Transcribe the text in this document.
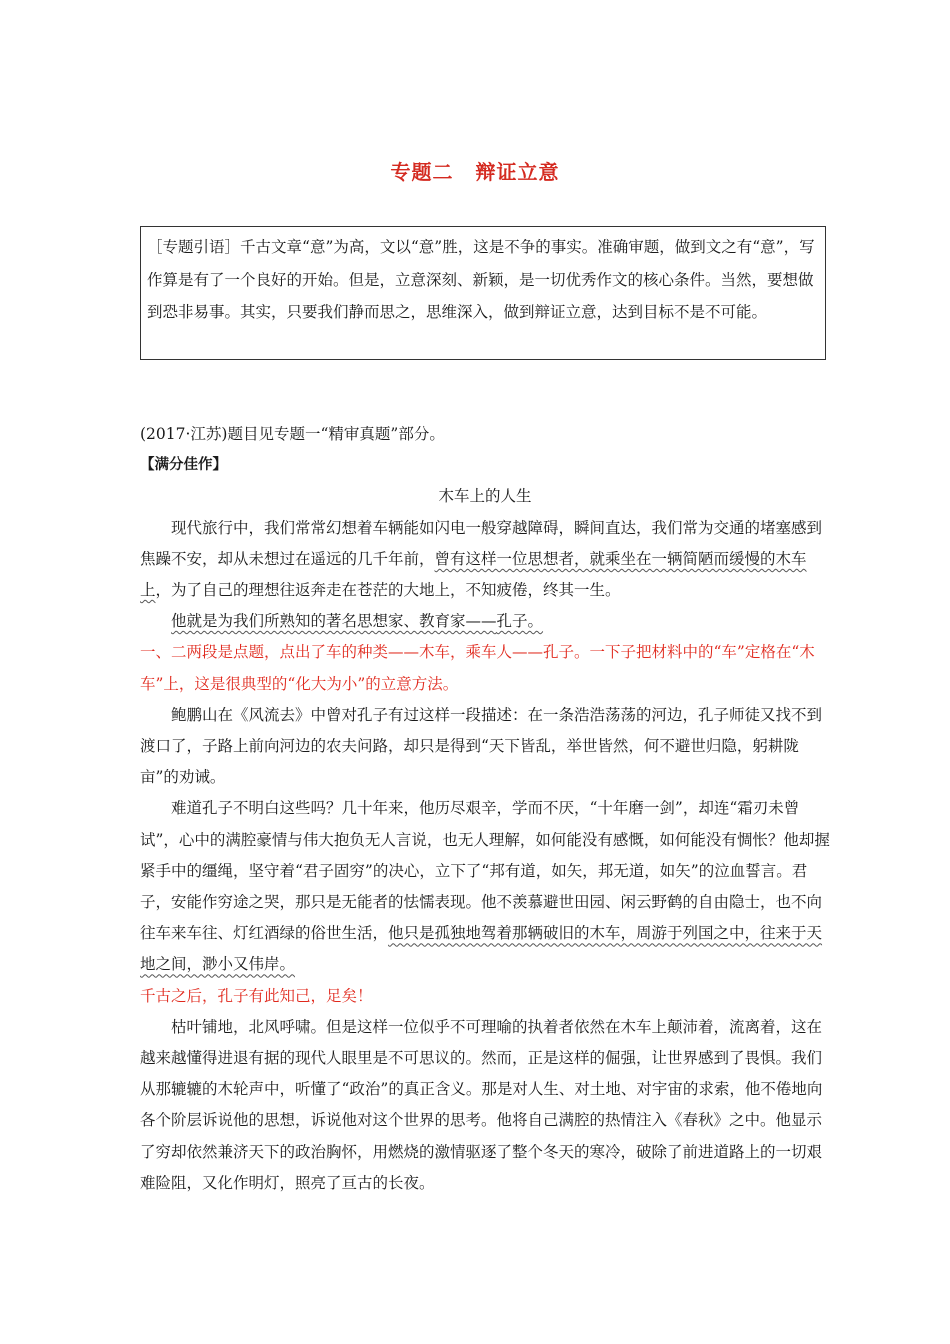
专题二 辩证立意
［专题引语］千古文章“意”为高，文以“意”胜，这是不争的事实。准确审题，做到文之有“意”，写作算是有了一个良好的开始。但是，立意深刻、新颖，是一切优秀作文的核心条件。当然，要想做到恐非易事。其实，只要我们静而思之，思维深入，做到辩证立意，达到目标不是不可能。

(2017·江苏)题目见专题一“精审真题”部分。

【满分佳作】

木车上的人生

现代旅行中，我们常常幻想着车辆能如闪电一般穿越障碍，瞬间直达，我们常为交通的堵塞感到焦躁不安，却从未想过在遥远的几千年前，曾有这样一位思想者，就乘坐在一辆简陋而缓慢的木车上，为了自己的理想往返奔走在苍茫的大地上，不知疲倦，终其一生。

他就是为我们所熟知的著名思想家、教育家——孔子。

一、二两段是点题，点出了车的种类——木车，乘车人——孔子。一下子把材料中的“车”定格在“木车”上，这是很典型的“化大为小”的立意方法。

鲍鹏山在《风流去》中曾对孔子有过这样一段描述：在一条浩浩荡荡的河边，孔子师徒又找不到渡口了，子路上前向河边的农夫问路，却只是得到“天下皆乱，举世皆然，何不避世归隐，躬耕陇亩”的劝诫。

难道孔子不明白这些吗？几十年来，他历尽艰辛，学而不厌，“十年磨一剑”，却连“霜刃未曾试”，心中的满腔豪情与伟大抱负无人言说，也无人理解，如何能没有感慨，如何能没有惆怅？他却握紧手中的缰绳，坚守着“君子固穷”的决心，立下了“邦有道，如矢，邦无道，如矢”的泣血誓言。君子，安能作穷途之哭，那只是无能者的怯懦表现。他不羡慕避世田园、闲云野鹤的自由隐士，也不向往车来车往、灯红酒绿的俗世生活，他只是孤独地驾着那辆破旧的木车，周游于列国之中，往来于天地之间，渺小又伟岸。

千古之后，孔子有此知己，足矣！

枯叶铺地，北风呼啸。但是这样一位似乎不可理喻的执着者依然在木车上颠沛着，流离着，这在越来越懂得进退有据的现代人眼里是不可思议的。然而，正是这样的倔强，让世界感到了畏惧。我们从那辘辘的木轮声中，听懂了“政治”的真正含义。那是对人生、对土地、对宇宙的求索，他不倦地向各个阶层诉说他的思想，诉说他对这个世界的思考。他将自己满腔的热情注入《春秋》之中。他显示了穷却依然兼济天下的政治胸怀，用燃烧的激情驱逐了整个冬天的寒冷，破除了前进道路上的一切艰难险阻，又化作明灯，照亮了亘古的长夜。
